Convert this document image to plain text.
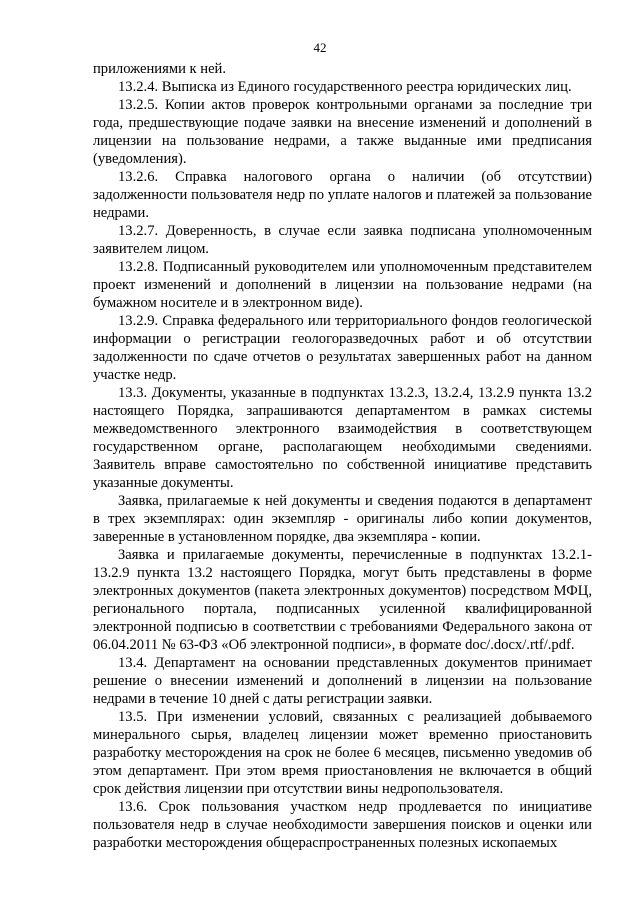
42

приложениями к ней.

13.2.4. Выписка из Единого государственного реестра юридических лиц.

13.2.5. Копии актов проверок контрольными органами за последние три года, предшествующие подаче заявки на внесение изменений и дополнений в лицензии на пользование недрами, а также выданные ими предписания (уведомления).

13.2.6. Справка налогового органа о наличии (об отсутствии) задолженности пользователя недр по уплате налогов и платежей за пользование недрами.

13.2.7. Доверенность, в случае если заявка подписана уполномоченным заявителем лицом.

13.2.8. Подписанный руководителем или уполномоченным представителем проект изменений и дополнений в лицензии на пользование недрами (на бумажном носителе и в электронном виде).

13.2.9. Справка федерального или территориального фондов геологической информации о регистрации геологоразведочных работ и об отсутствии задолженности по сдаче отчетов о результатах завершенных работ на данном участке недр.

13.3. Документы, указанные в подпунктах 13.2.3, 13.2.4, 13.2.9 пункта 13.2 настоящего Порядка, запрашиваются департаментом в рамках системы межведомственного электронного взаимодействия в соответствующем государственном органе, располагающем необходимыми сведениями. Заявитель вправе самостоятельно по собственной инициативе представить указанные документы.

Заявка, прилагаемые к ней документы и сведения подаются в департамент в трех экземплярах: один экземпляр - оригиналы либо копии документов, заверенные в установленном порядке, два экземпляра - копии.

Заявка и прилагаемые документы, перечисленные в подпунктах 13.2.1-13.2.9 пункта 13.2 настоящего Порядка, могут быть представлены в форме электронных документов (пакета электронных документов) посредством МФЦ, регионального портала, подписанных усиленной квалифицированной электронной подписью в соответствии с требованиями Федерального закона от 06.04.2011 № 63-ФЗ «Об электронной подписи», в формате doc/.docx/.rtf/.pdf.

13.4. Департамент на основании представленных документов принимает решение о внесении изменений и дополнений в лицензии на пользование недрами в течение 10 дней с даты регистрации заявки.

13.5. При изменении условий, связанных с реализацией добываемого минерального сырья, владелец лицензии может временно приостановить разработку месторождения на срок не более 6 месяцев, письменно уведомив об этом департамент. При этом время приостановления не включается в общий срок действия лицензии при отсутствии вины недропользователя.

13.6. Срок пользования участком недр продлевается по инициативе пользователя недр в случае необходимости завершения поисков и оценки или разработки месторождения общераспространенных полезных ископаемых
